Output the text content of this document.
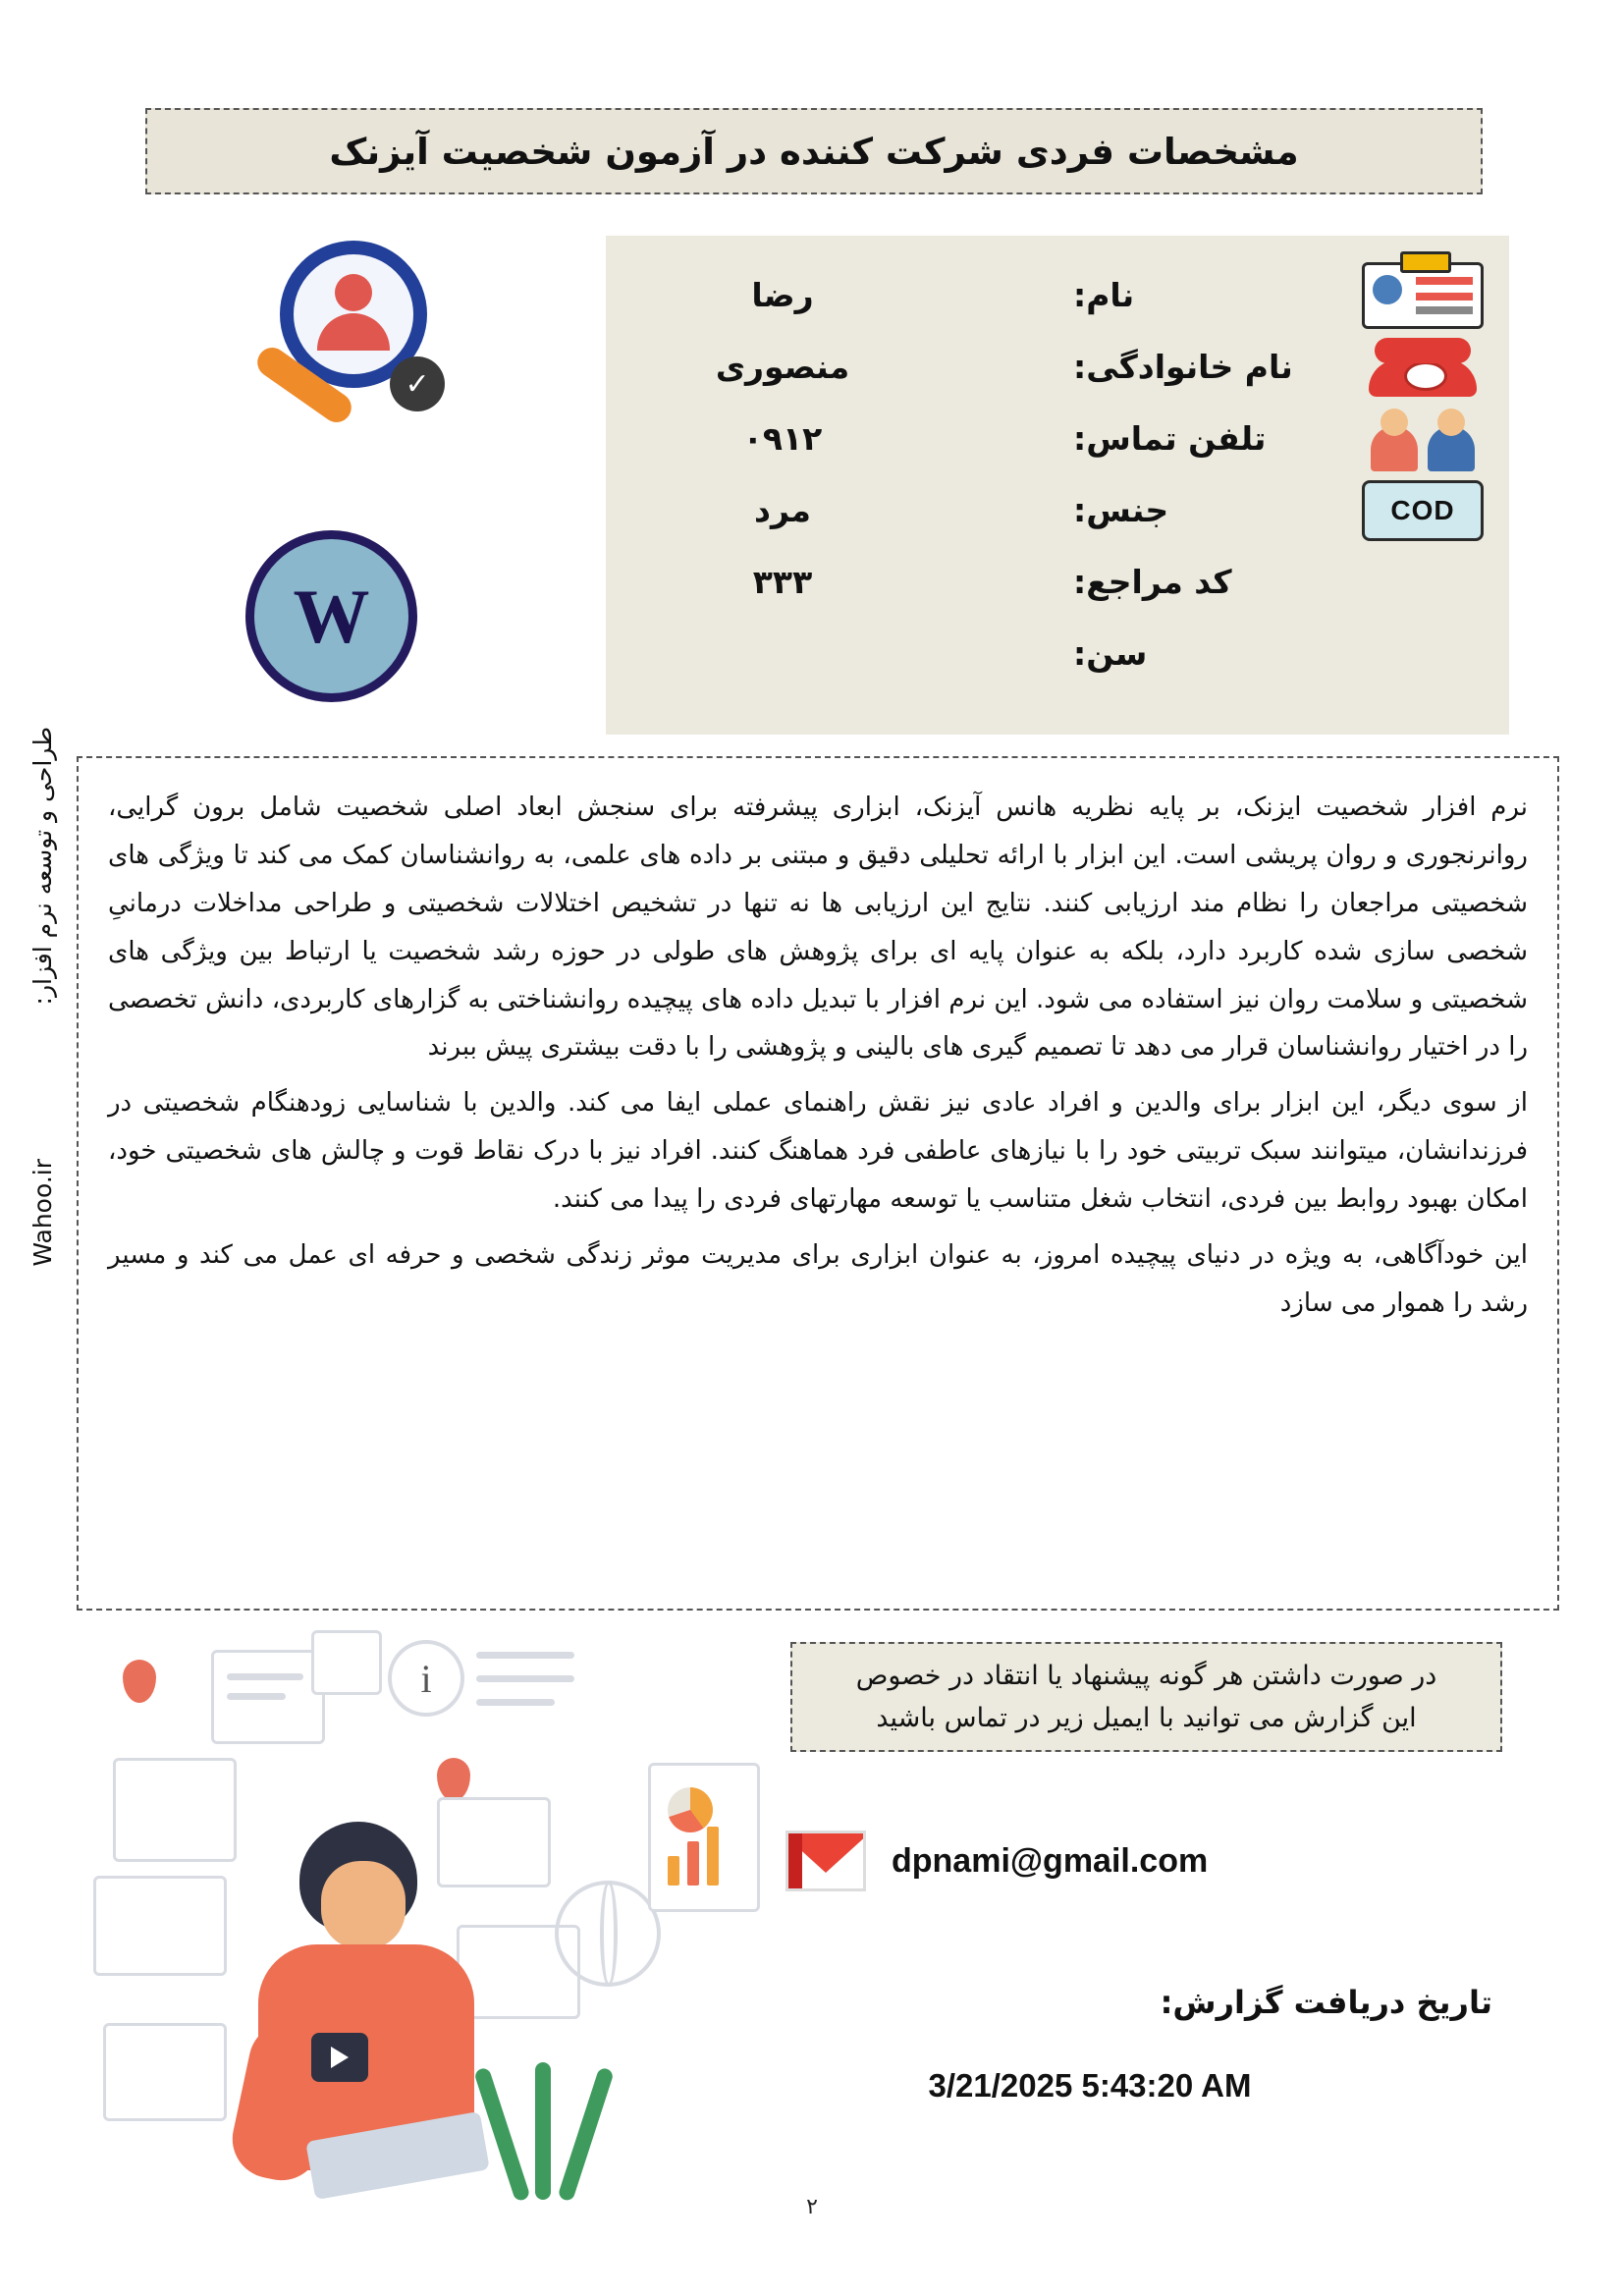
مشخصات فردی شرکت کننده در آزمون شخصیت آیزنک
✓
W
نام:
رضا
نام خانوادگی:
منصوری
تلفن تماس:
۰۹۱۲
COD
جنس:
مرد
کد مراجع:
۳۳۳
سن:
طراحی و توسعه نرم افزار:
Wahoo.ir

نرم افزار شخصیت ایزنک، بر پایه نظریه هانس آیزنک، ابزاری پیشرفته برای سنجش ابعاد اصلی شخصیت شامل برون گرایی، روانرنجوری و روان پریشی است. این ابزار با ارائه تحلیلی دقیق و مبتنی بر داده های علمی، به روانشناسان کمک می کند تا ویژگی های شخصیتی مراجعان را نظام مند ارزیابی کنند. نتایج این ارزیابی ها نه تنها در تشخیص اختلالات شخصیتی و طراحی مداخلات درمانیِ شخصی سازی شده کاربرد دارد، بلکه به عنوان پایه ای برای پژوهش های طولی در حوزه رشد شخصیت یا ارتباط بین ویژگی های شخصیتی و سلامت روان نیز استفاده می شود. این نرم افزار با تبدیل داده های پیچیده روانشناختی به گزارهای کاربردی، دانش تخصصی را در اختیار روانشناسان قرار می دهد تا تصمیم گیری های بالینی و پژوهشی را با دقت بیشتری پیش ببرند

از سوی دیگر، این ابزار برای والدین و افراد عادی نیز نقش راهنمای عملی ایفا می کند. والدین با شناسایی زودهنگام شخصیتی در فرزندانشان، میتوانند سبک تربیتی خود را با نیازهای عاطفی فرد هماهنگ کنند. افراد نیز با درک نقاط قوت و چالش های شخصیتی خود، امکان بهبود روابط بین فردی، انتخاب شغل متناسب یا توسعه مهارتهای فردی را پیدا می کنند.

این خودآگاهی، به ویژه در دنیای پیچیده امروز، به عنوان ابزاری برای مدیریت موثر زندگی شخصی و حرفه ای عمل می کند و مسیر رشد را هموار می سازد

i	در صورت داشتن هر گونه پیشنهاد یا انتقاد در خصوص

این گزارش می توانید با ایمیل زیر در تماس باشید

dpnami@gmail.com
تاریخ دریافت گزارش:
3/21/2025 5:43:20 AM
۲
